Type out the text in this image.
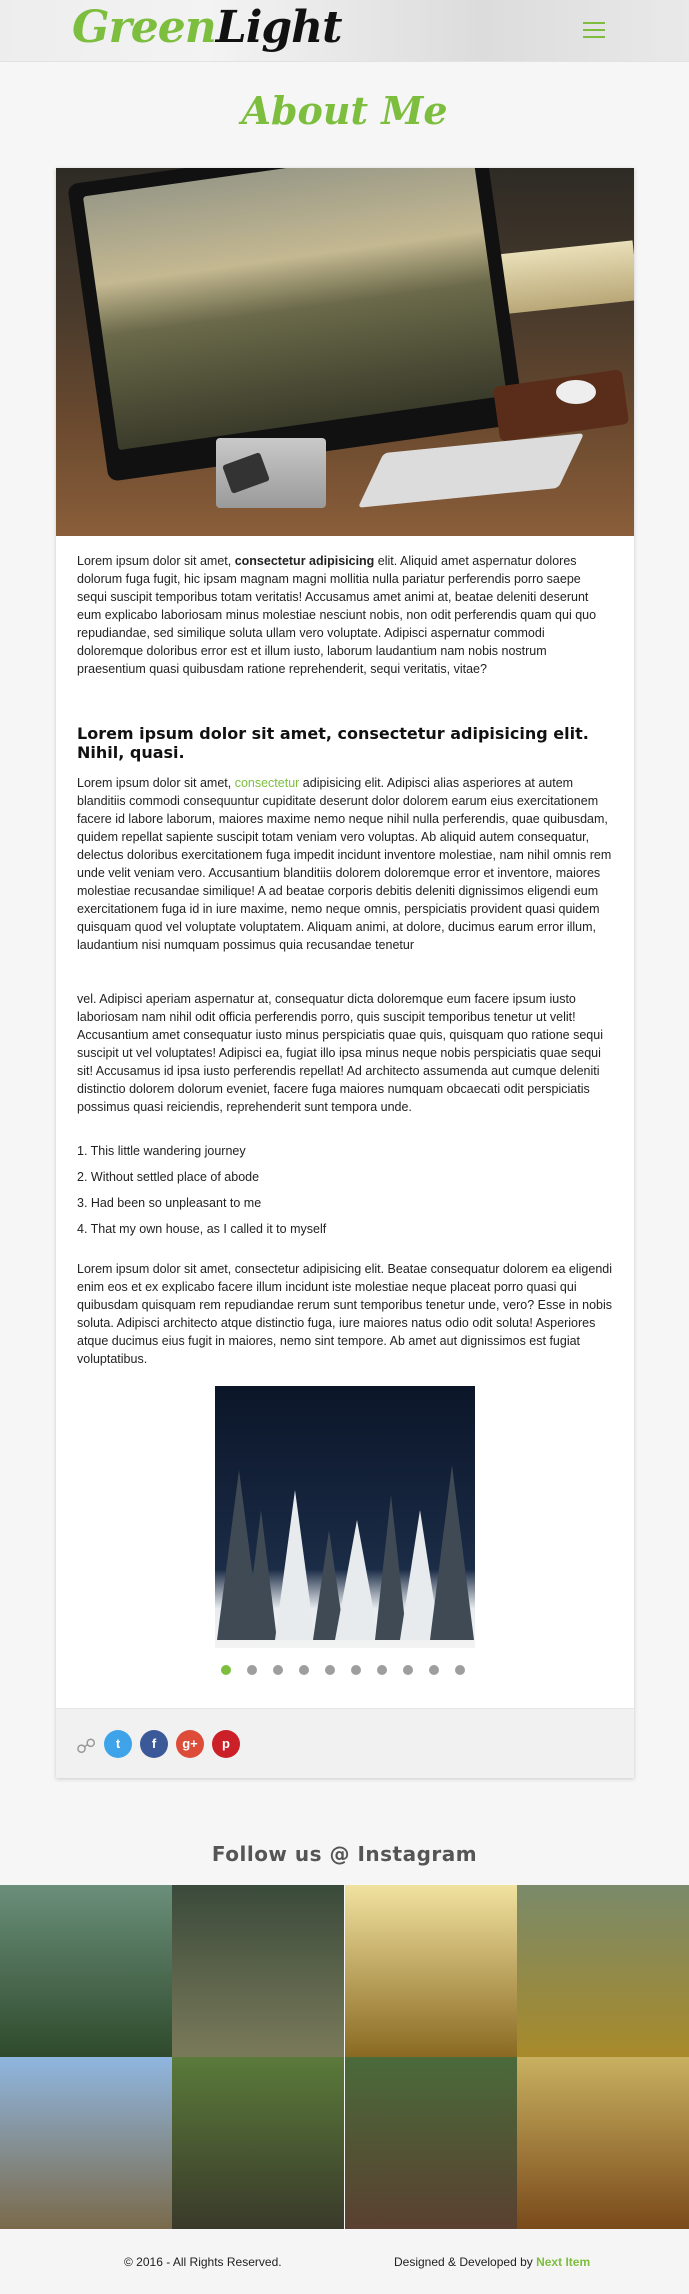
GreenLight
About Me

Lorem ipsum dolor sit amet, consectetur adipisicing elit. Aliquid amet aspernatur dolores dolorum fuga fugit, hic ipsam magnam magni mollitia nulla pariatur perferendis porro saepe sequi suscipit temporibus totam veritatis! Accusamus amet animi at, beatae deleniti deserunt eum explicabo laboriosam minus molestiae nesciunt nobis, non odit perferendis quam qui quo repudiandae, sed similique soluta ullam vero voluptate. Adipisci aspernatur commodi doloremque doloribus error est et illum iusto, laborum laudantium nam nobis nostrum praesentium quasi quibusdam ratione reprehenderit, sequi veritatis, vitae?

Lorem ipsum dolor sit amet, consectetur adipisicing elit. Nihil, quasi.

Lorem ipsum dolor sit amet, consectetur adipisicing elit. Adipisci alias asperiores at autem blanditiis commodi consequuntur cupiditate deserunt dolor dolorem earum eius exercitationem facere id labore laborum, maiores maxime nemo neque nihil nulla perferendis, quae quibusdam, quidem repellat sapiente suscipit totam veniam vero voluptas. Ab aliquid autem consequatur, delectus doloribus exercitationem fuga impedit incidunt inventore molestiae, nam nihil omnis rem unde velit veniam vero. Accusantium blanditiis dolorem doloremque error et inventore, maiores molestiae recusandae similique! A ad beatae corporis debitis deleniti dignissimos eligendi eum exercitationem fuga id in iure maxime, nemo neque omnis, perspiciatis provident quasi quidem quisquam quod vel voluptate voluptatem. Aliquam animi, at dolore, ducimus earum error illum, laudantium nisi numquam possimus quia recusandae tenetur

vel. Adipisci aperiam aspernatur at, consequatur dicta doloremque eum facere ipsum iusto laboriosam nam nihil odit officia perferendis porro, quis suscipit temporibus tenetur ut velit! Accusantium amet consequatur iusto minus perspiciatis quae quis, quisquam quo ratione sequi suscipit ut vel voluptates! Adipisci ea, fugiat illo ipsa minus neque nobis perspiciatis quae sequi sit! Accusamus id ipsa iusto perferendis repellat! Ad architecto assumenda aut cumque deleniti distinctio dolorem dolorum eveniet, facere fuga maiores numquam obcaecati odit perspiciatis possimus quasi reiciendis, reprehenderit sunt tempora unde.

1. This little wandering journey
2. Without settled place of abode
3. Had been so unpleasant to me
4. That my own house, as I called it to myself

Lorem ipsum dolor sit amet, consectetur adipisicing elit. Beatae consequatur dolorem ea eligendi enim eos et ex explicabo facere illum incidunt iste molestiae neque placeat porro quasi qui quibusdam quisquam rem repudiandae rerum sunt temporibus tenetur unde, vero? Esse in nobis soluta. Adipisci architecto atque distinctio fuga, iure maiores natus odio odit soluta! Asperiores atque ducimus eius fugit in maiores, nemo sint tempore. Ab amet aut dignissimos est fugiat voluptatibus.

☍	t	f	g+	p
Follow us @ Instagram
© 2016 - All Rights Reserved.	Designed & Developed by Next Item
